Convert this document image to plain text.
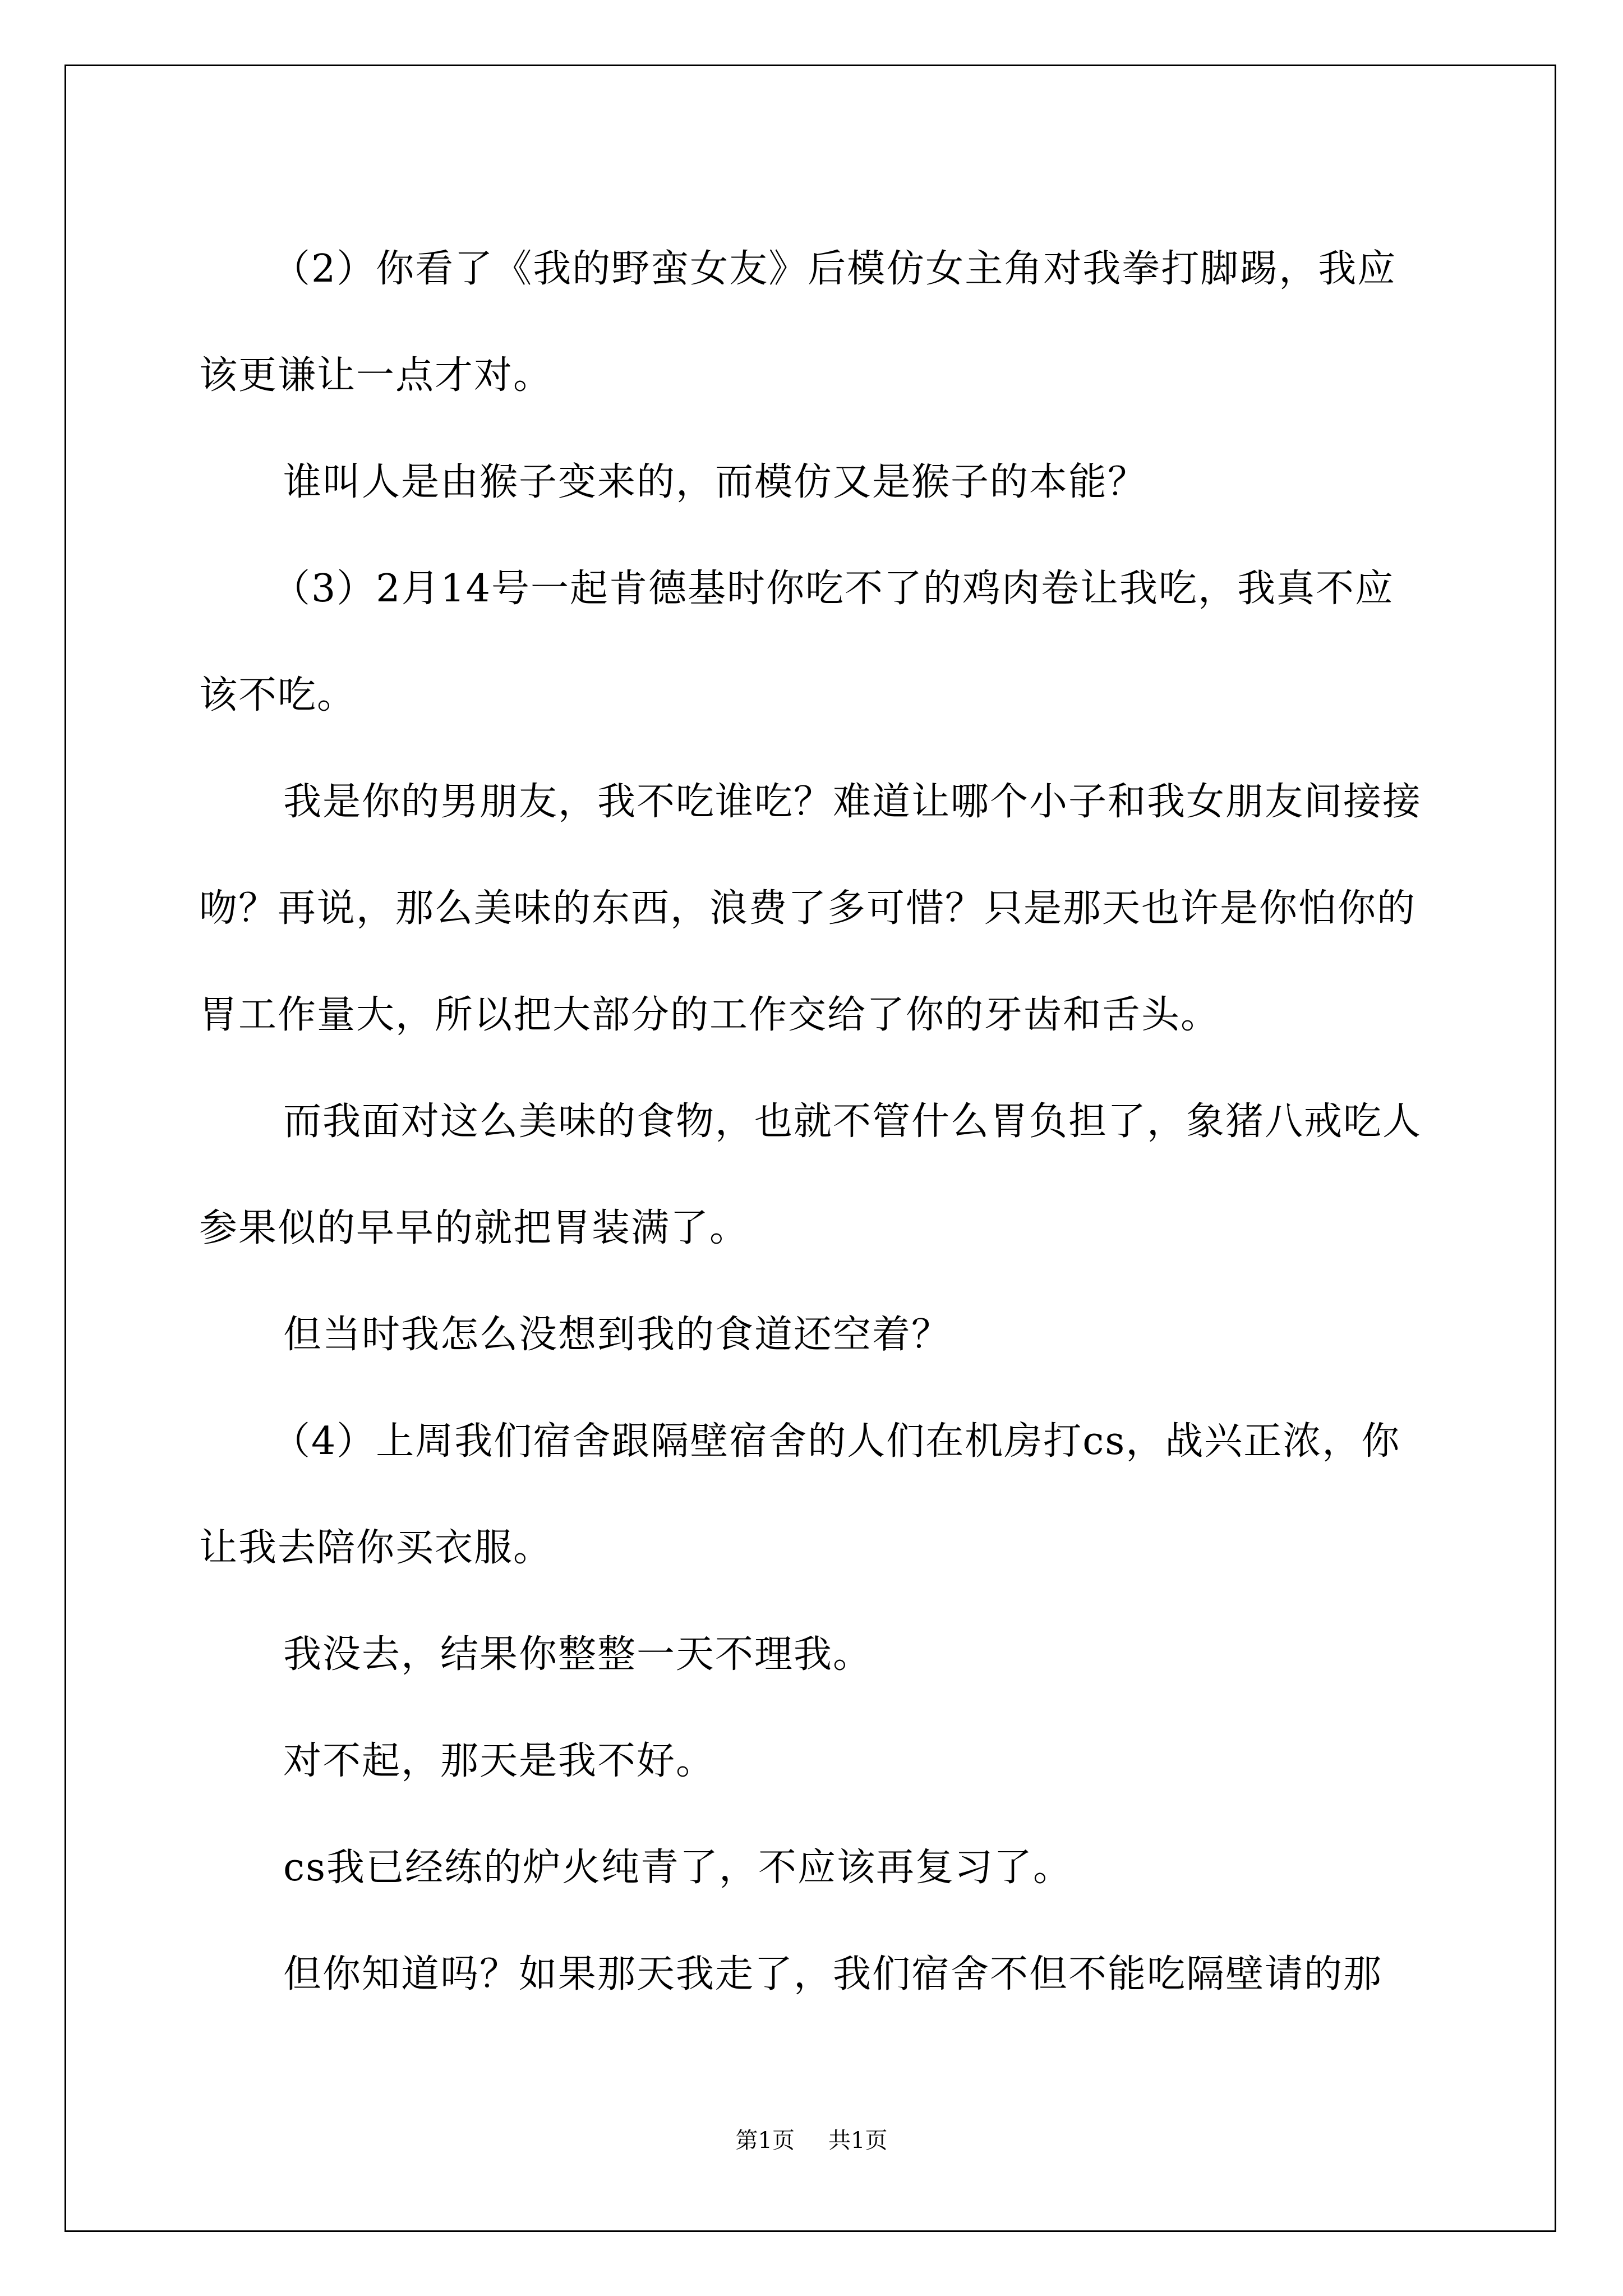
（2）你看了《我的野蛮女友》后模仿女主角对我拳打脚踢，我应该更谦让一点才对。

谁叫人是由猴子变来的，而模仿又是猴子的本能？

（3）2月14号一起肯德基时你吃不了的鸡肉卷让我吃，我真不应该不吃。

我是你的男朋友，我不吃谁吃？难道让哪个小子和我女朋友间接接吻？再说，那么美味的东西，浪费了多可惜？只是那天也许是你怕你的胃工作量大，所以把大部分的工作交给了你的牙齿和舌头。

而我面对这么美味的食物，也就不管什么胃负担了，象猪八戒吃人参果似的早早的就把胃装满了。

但当时我怎么没想到我的食道还空着？

（4）上周我们宿舍跟隔壁宿舍的人们在机房打cs，战兴正浓，你让我去陪你买衣服。

我没去，结果你整整一天不理我。

对不起，那天是我不好。

cs我已经练的炉火纯青了，不应该再复习了。

但你知道吗？如果那天我走了，我们宿舍不但不能吃隔壁请的那

第1页 共1页
